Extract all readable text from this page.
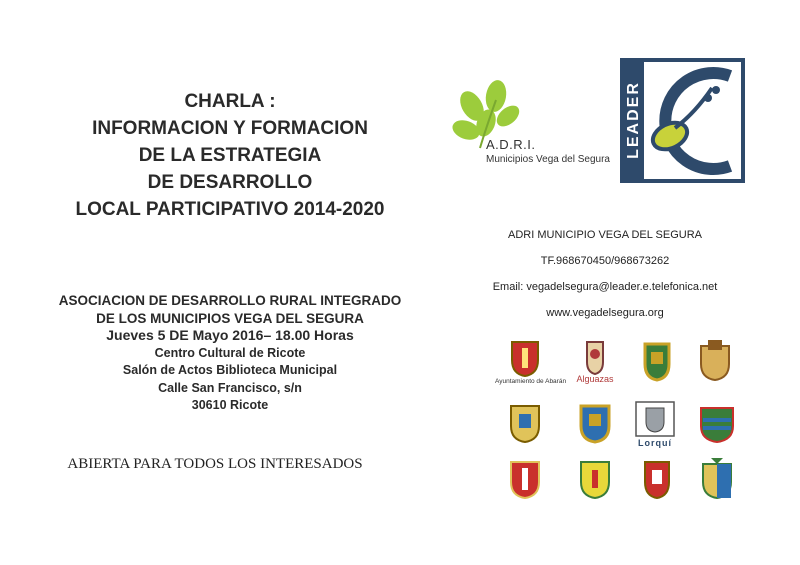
CHARLA :
INFORMACION Y FORMACION
DE LA ESTRATEGIA
DE DESARROLLO
LOCAL PARTICIPATIVO 2014-2020
ASOCIACION DE DESARROLLO RURAL INTEGRADO
DE LOS MUNICIPIOS VEGA DEL SEGURA
Jueves 5 DE Mayo 2016– 18.00 Horas
Centro Cultural de Ricote
Salón de Actos Biblioteca Municipal
Calle San Francisco, s/n
30610 Ricote
ABIERTA PARA TODOS LOS INTERESADOS
A.D.R.I.
Municipios Vega del Segura
LEADER
ADRI MUNICIPIO VEGA DEL SEGURA
TF.968670450/968673262
Email: vegadelsegura@leader.e.telefonica.net
www.vegadelsegura.org
Ayuntamiento de Abarán	Alguazas
Lorquí
